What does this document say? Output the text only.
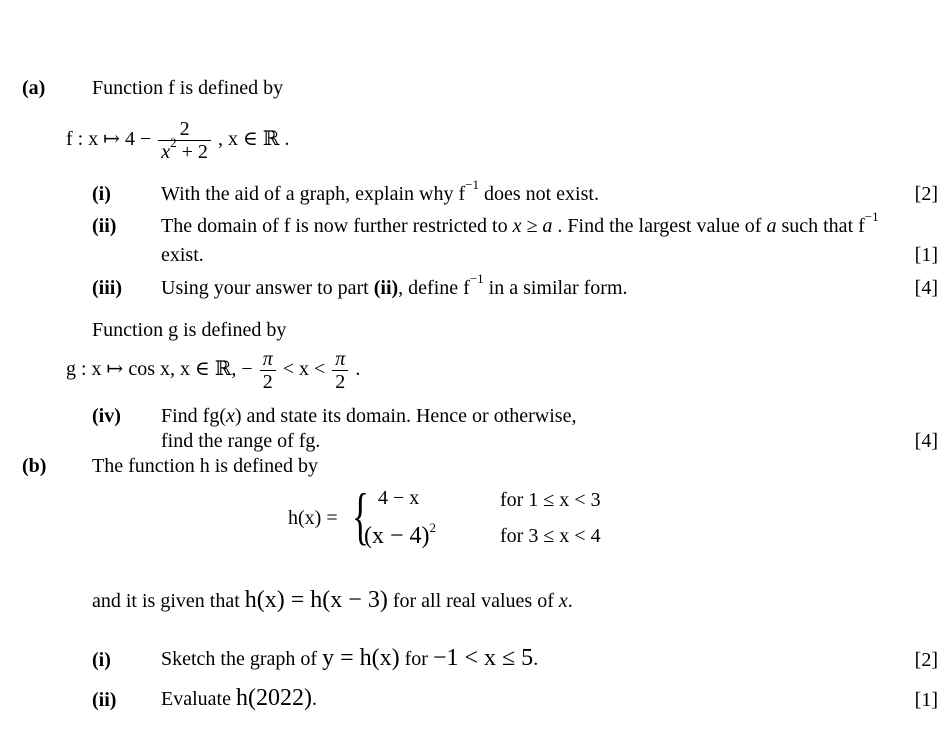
(a) Function f is defined by
f : x ↦ $4 - \frac{2}{x^2 + 2}$ , x ∈ ℝ .
(i)	With the aid of a graph, explain why $f^{-1}$ does not exist.	[2]
(ii) The domain of f is now further restricted to x ≥ a . Find the largest value of a such that $f^{-1}$
exist.	[1]
(iii) Using your answer to part (ii), define $f^{-1}$ in a similar form.	[4]
Function g is defined by
g : x ↦ cos x, x ∈ ℝ, − $\frac{\pi}{2} < x < \frac{\pi}{2}$ .
(iv) Find fg(x) and state its domain. Hence or otherwise,
find the range of fg.	[4]
(b) The function h is defined by
h(x) = { 4 − x	for 1 ≤ x < 3
$(x - 4)^2$	for 3 ≤ x < 4
and it is given that h(x) = h(x − 3) for all real values of x.
(i)	Sketch the graph of y = h(x) for −1 < x ≤ 5.	[2]
(ii) Evaluate h(2022).	[1]
